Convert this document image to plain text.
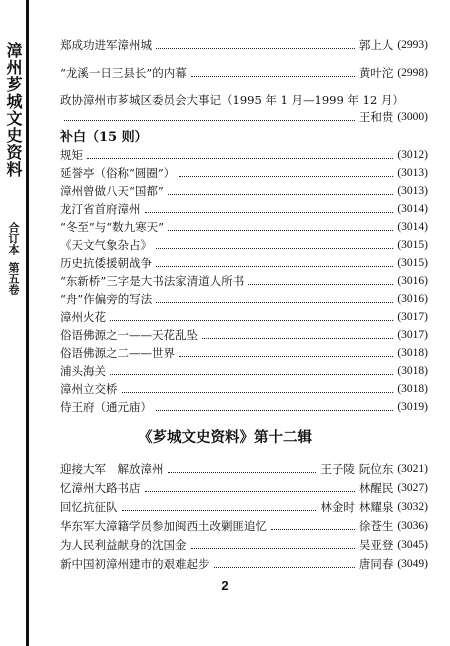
漳州芗城文史资料
合订本
第五卷
郑成功进军漳州城	郭上人 (2993)
“龙溪一日三县长”的内幕	黄叶沱 (2998)
政协漳州市芗城区委员会大事记（1995 年 1 月—1999 年 12 月）
王和贵 (3000)
补白（15 则）
规矩	(3012)
延誉亭（俗称“圆圈”）	(3013)
漳州曾做八天“国都”	(3013)
龙汀省首府漳州	(3014)
“冬至”与“数九寒天”	(3014)
《天文气象杂占》	(3015)
历史抗倭援朝战争	(3015)
“东新桥”三字是大书法家清道人所书	(3016)
“舟”作偏旁的写法	(3016)
漳州火花	(3017)
俗语佛源之一——天花乱坠	(3017)
俗语佛源之二——世界	(3018)
浦头海关	(3018)
漳州立交桥	(3018)
侍王府（通元庙）	(3019)
《芗城文史资料》第十二辑
迎接大军　解放漳州	王子陵 阮位东 (3021)
忆漳州大路书店	林醒民 (3027)
回忆抗征队	林金时 林耀泉 (3032)
华东军大漳籍学员参加闽西土改剿匪追忆	徐苍生 (3036)
为人民利益献身的沈国金	吴亚登 (3045)
新中国初漳州建市的艰难起步	唐同春 (3049)
2
